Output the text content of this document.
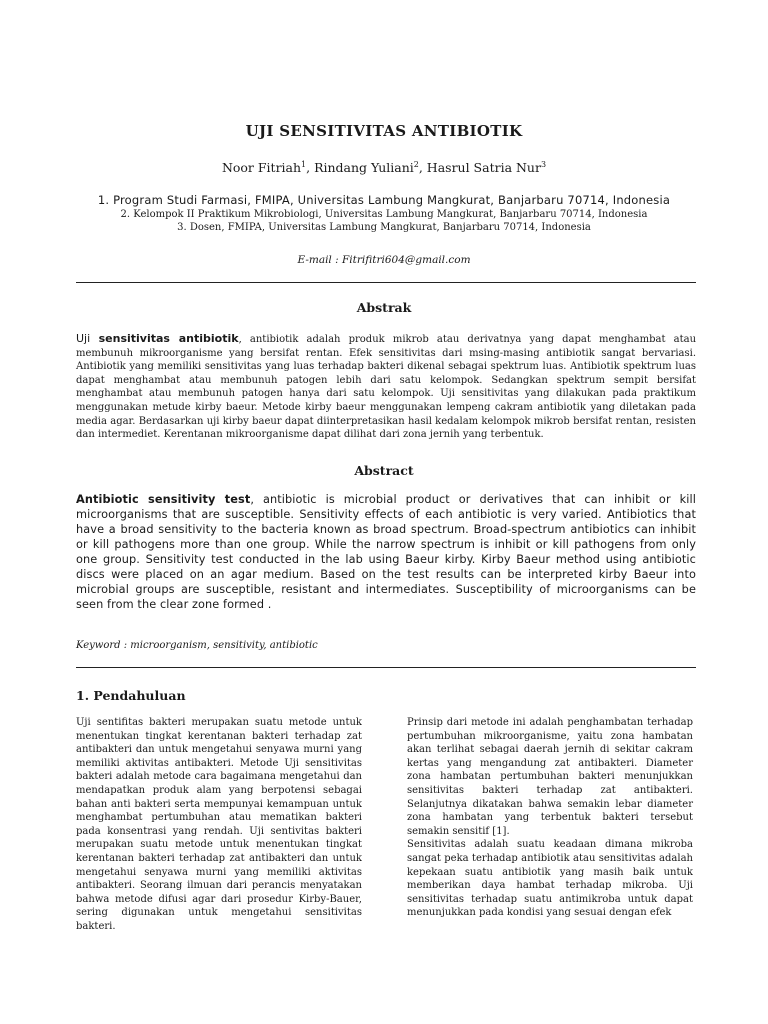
UJI SENSITIVITAS ANTIBIOTIK
Noor Fitriah$^1$, Rindang Yuliani$^2$, Hasrul Satria Nur$^3$
1. Program Studi Farmasi, FMIPA, Universitas Lambung Mangkurat, Banjarbaru 70714, Indonesia
2. Kelompok II Praktikum Mikrobiologi, Universitas Lambung Mangkurat, Banjarbaru 70714, Indonesia
3. Dosen, FMIPA, Universitas Lambung Mangkurat, Banjarbaru 70714, Indonesia
E-mail : Fitrifitri604@gmail.com
Abstrak
Uji sensitivitas antibiotik, antibiotik adalah produk mikrob atau derivatnya yang dapat menghambat atau membunuh mikroorganisme yang bersifat rentan. Efek sensitivitas dari msing-masing antibiotik sangat bervariasi. Antibiotik yang memiliki sensitivitas yang luas terhadap bakteri dikenal sebagai spektrum luas. Antibiotik spektrum luas dapat menghambat atau membunuh patogen lebih dari satu kelompok. Sedangkan spektrum sempit bersifat menghambat atau membunuh patogen hanya dari satu kelompok. Uji sensitivitas yang dilakukan pada praktikum menggunakan metude kirby baeur. Metode kirby baeur menggunakan lempeng cakram antibiotik yang diletakan pada media agar. Berdasarkan uji kirby baeur dapat diinterpretasikan hasil kedalam kelompok mikrob bersifat rentan, resisten dan intermediet. Kerentanan mikroorganisme dapat dilihat dari zona jernih yang terbentuk.
Abstract
Antibiotic sensitivity test, antibiotic is microbial product or derivatives that can inhibit or kill microorganisms that are susceptible. Sensitivity effects of each antibiotic is very varied. Antibiotics that have a broad sensitivity to the bacteria known as broad spectrum. Broad-spectrum antibiotics can inhibit or kill pathogens more than one group. While the narrow spectrum is inhibit or kill pathogens from only one group. Sensitivity test conducted in the lab using Baeur kirby. Kirby Baeur method using antibiotic discs were placed on an agar medium. Based on the test results can be interpreted kirby Baeur into microbial groups are susceptible, resistant and intermediates. Susceptibility of microorganisms can be seen from the clear zone formed .
Keyword : microorganism, sensitivity, antibiotic
1. Pendahuluan

Uji sentifitas bakteri merupakan suatu metode untuk menentukan tingkat kerentanan bakteri terhadap zat antibakteri dan untuk mengetahui senyawa murni yang memiliki aktivitas antibakteri. Metode Uji sensitivitas bakteri adalah metode cara bagaimana mengetahui dan mendapatkan produk alam yang berpotensi sebagai bahan anti bakteri serta mempunyai kemampuan untuk menghambat pertumbuhan atau mematikan bakteri pada konsentrasi yang rendah. Uji sentivitas bakteri merupakan suatu metode untuk menentukan tingkat kerentanan bakteri terhadap zat antibakteri dan untuk mengetahui senyawa murni yang memiliki aktivitas antibakteri. Seorang ilmuan dari perancis menyatakan bahwa metode difusi agar dari prosedur Kirby-Bauer, sering digunakan untuk mengetahui sensitivitas bakteri.

Prinsip dari metode ini adalah penghambatan terhadap pertumbuhan mikroorganisme, yaitu zona hambatan akan terlihat sebagai daerah jernih di sekitar cakram kertas yang mengandung zat antibakteri. Diameter zona hambatan pertumbuhan bakteri menunjukkan sensitivitas bakteri terhadap zat antibakteri. Selanjutnya dikatakan bahwa semakin lebar diameter zona hambatan yang terbentuk bakteri tersebut semakin sensitif [1].

Sensitivitas adalah suatu keadaan dimana mikroba sangat peka terhadap antibiotik atau sensitivitas adalah kepekaan suatu antibiotik yang masih baik untuk memberikan daya hambat terhadap mikroba. Uji sensitivitas terhadap suatu antimikroba untuk dapat menunjukkan pada kondisi yang sesuai dengan efek
